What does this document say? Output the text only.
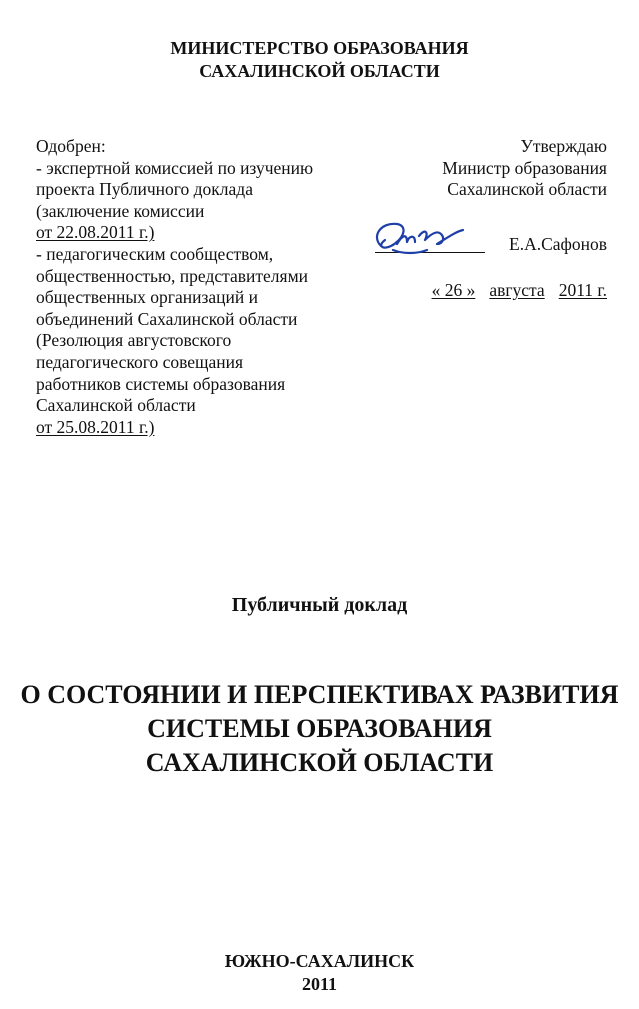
МИНИСТЕРСТВО ОБРАЗОВАНИЯ
САХАЛИНСКОЙ ОБЛАСТИ
Одобрен:
- экспертной комиссией по изучению
проекта Публичного доклада
(заключение комиссии
от 22.08.2011 г.)
- педагогическим сообществом,
общественностью, представителями
общественных организаций и
объединений Сахалинской области
(Резолюция августовского
педагогического совещания
работников системы образования
Сахалинской области
от 25.08.2011 г.)
Утверждаю
Министр образования
Сахалинской области
Е.А.Сафонов
« 26 » августа 2011 г.
Публичный доклад
О СОСТОЯНИИ И ПЕРСПЕКТИВАХ РАЗВИТИЯ
СИСТЕМЫ ОБРАЗОВАНИЯ
САХАЛИНСКОЙ ОБЛАСТИ
ЮЖНО-САХАЛИНСК
2011
